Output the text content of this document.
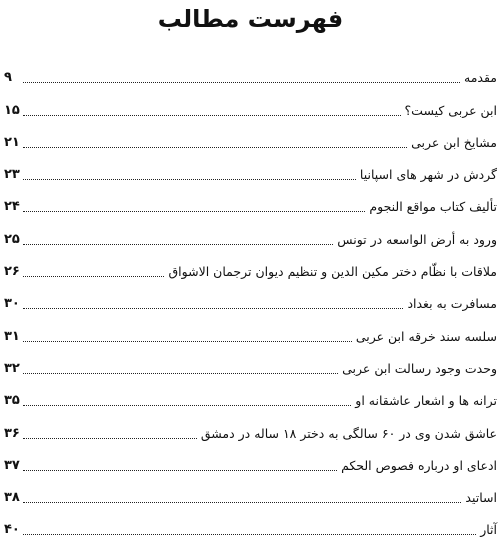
فهرست مطالب
مقدمه
۹
ابن عربی کیست؟
۱۵
مشایخ ابن عربی
۲۱
گردش در شهر های اسپانیا
۲۳
تألیف کتاب مواقع النجوم
۲۴
ورود به أرض الواسعه در تونس
۲۵
ملاقات با نظّام دختر مکین الدین و تنظیم دیوان ترجمان الاشواق
۲۶
مسافرت به بغداد
۳۰
سلسه سند خرقه ابن عربی
۳۱
وحدت وجود رسالت ابن عربی
۳۲
ترانه ها و اشعار عاشقانه او
۳۵
عاشق شدن وی در ۶۰ سالگی به دختر ۱۸ ساله در دمشق
۳۶
ادعای او درباره فصوص الحکم
۳۷
اساتید
۳۸
آثار
۴۰
